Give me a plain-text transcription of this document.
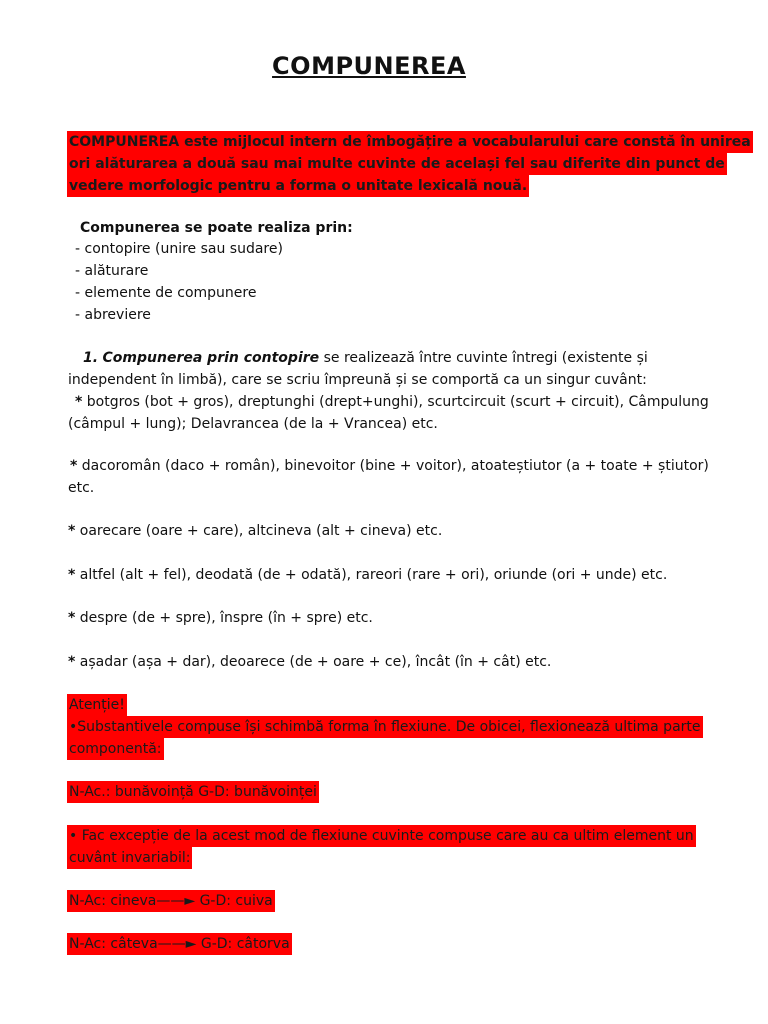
COMPUNEREA
COMPUNEREA este mijlocul intern de îmbogățire a vocabularului care constă în unirea
ori alăturarea a două sau mai multe cuvinte de același fel sau diferite din punct de
vedere morfologic pentru a forma o unitate lexicală nouă.
Compunerea se poate realiza prin:
- contopire (unire sau sudare)
- alăturare
- elemente de compunere
- abreviere
1. Compunerea prin contopire se realizează între cuvinte întregi (existente și
independent în limbă), care se scriu împreună și se comportă ca un singur cuvânt:
* botgros (bot + gros), dreptunghi (drept+unghi), scurtcircuit (scurt + circuit), Câmpulung
(câmpul + lung); Delavrancea (de la + Vrancea) etc.
* dacoromân (daco + român), binevoitor (bine + voitor), atoateștiutor (a + toate + știutor)
etc.
* oarecare (oare + care), altcineva (alt + cineva) etc.
* altfel (alt + fel), deodată (de + odată), rareori (rare + ori), oriunde (ori + unde) etc.
* despre (de + spre), înspre (în + spre) etc.
* așadar (așa + dar), deoarece (de + oare + ce), încât (în + cât) etc.
Atenție!
•Substantivele compuse își schimbă forma în flexiune. De obicei, flexionează ultima parte
componentă:
N-Ac.: bunăvoință G-D: bunăvoinței
• Fac excepție de la acest mod de flexiune cuvinte compuse care au ca ultim element un
cuvânt invariabil:
N-Ac: cineva——► G-D: cuiva
N-Ac: câteva——► G-D: câtorva
